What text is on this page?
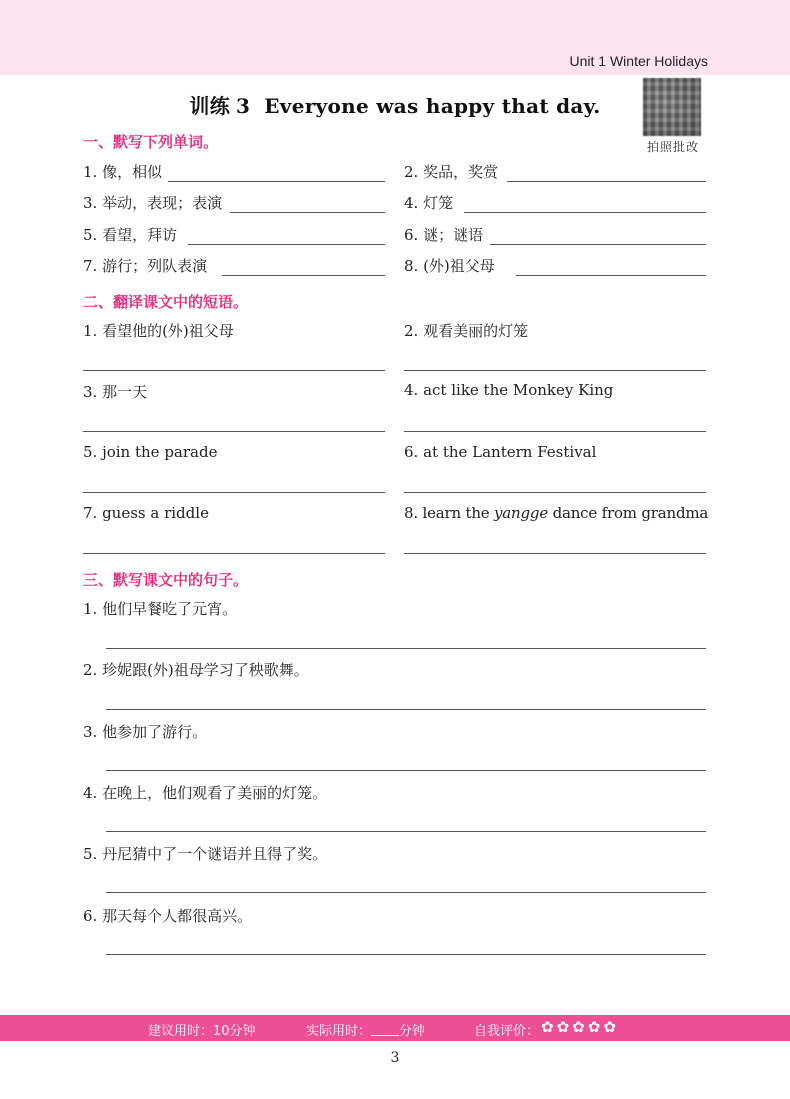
Unit 1 Winter Holidays
训练 3 Everyone was happy that day.
拍照批改
一、默写下列单词。
1. 像，相似	2. 奖品，奖赏
3. 举动，表现；表演	4. 灯笼
5. 看望，拜访	6. 谜；谜语
7. 游行；列队表演	8. (外)祖父母
二、翻译课文中的短语。
1. 看望他的(外)祖父母	2. 观看美丽的灯笼
3. 那一天	4. act like the Monkey King
5. join the parade	6. at the Lantern Festival
7. guess a riddle	8. learn the yangge dance from grandma
三、默写课文中的句子。
1. 他们早餐吃了元宵。
2. 珍妮跟(外)祖母学习了秧歌舞。
3. 他参加了游行。
4. 在晚上，他们观看了美丽的灯笼。
5. 丹尼猜中了一个谜语并且得了奖。
6. 那天每个人都很高兴。
建议用时：10分钟	实际用时： 分钟	自我评价： ✿ ✿ ✿ ✿ ✿
3
